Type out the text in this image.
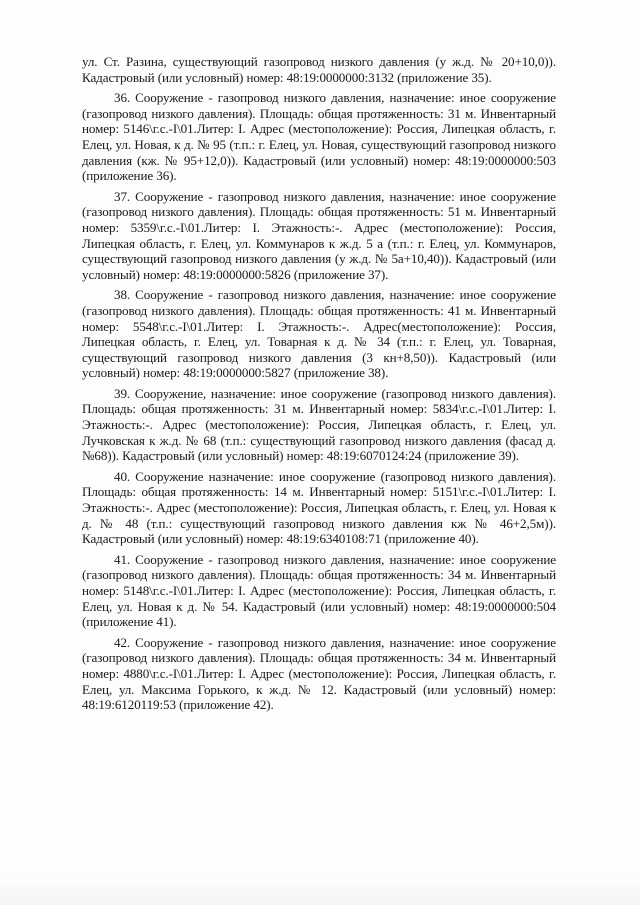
ул. Ст. Разина, существующий газопровод низкого давления (у ж.д. № 20+10,0)). Кадастровый (или условный) номер: 48:19:0000000:3132 (приложение 35).

36. Сооружение - газопровод низкого давления, назначение: иное сооружение (газопровод низкого давления). Площадь: общая протяженность: 31 м. Инвентарный номер: 5146\г.с.-I\01.Литер: I. Адрес (местоположение): Россия, Липецкая область, г. Елец, ул. Новая, к д. № 95 (т.п.: г. Елец, ул. Новая, существующий газопровод низкого давления (кж. № 95+12,0)). Кадастровый (или условный) номер: 48:19:0000000:503 (приложение 36).

37. Сооружение - газопровод низкого давления, назначение: иное сооружение (газопровод низкого давления). Площадь: общая протяженность: 51 м. Инвентарный номер: 5359\г.с.-I\01.Литер: I. Этажность:-. Адрес (местоположение): Россия, Липецкая область, г. Елец, ул. Коммунаров к ж.д. 5 а (т.п.: г. Елец, ул. Коммунаров, существующий газопровод низкого давления (у ж.д. № 5а+10,40)). Кадастровый (или условный) номер: 48:19:0000000:5826 (приложение 37).

38. Сооружение - газопровод низкого давления, назначение: иное сооружение (газопровод низкого давления). Площадь: общая протяженность: 41 м. Инвентарный номер: 5548\г.с.-I\01.Литер: I. Этажность:-. Адрес(местоположение): Россия, Липецкая область, г. Елец, ул. Товарная к д. № 34 (т.п.: г. Елец, ул. Товарная, существующий газопровод низкого давления (3 кн+8,50)). Кадастровый (или условный) номер: 48:19:0000000:5827 (приложение 38).

39. Сооружение, назначение: иное сооружение (газопровод низкого давления). Площадь: общая протяженность: 31 м. Инвентарный номер: 5834\г.с.-I\01.Литер: I. Этажность:-. Адрес (местоположение): Россия, Липецкая область, г. Елец, ул. Лучковская к ж.д. № 68 (т.п.: существующий газопровод низкого давления (фасад д. №68)). Кадастровый (или условный) номер: 48:19:6070124:24 (приложение 39).

40. Сооружение назначение: иное сооружение (газопровод низкого давления). Площадь: общая протяженность: 14 м. Инвентарный номер: 5151\г.с.-I\01.Литер: I. Этажность:-. Адрес (местоположение): Россия, Липецкая область, г. Елец, ул. Новая к д. № 48 (т.п.: существующий газопровод низкого давления кж № 46+2,5м)). Кадастровый (или условный) номер: 48:19:6340108:71 (приложение 40).

41. Сооружение - газопровод низкого давления, назначение: иное сооружение (газопровод низкого давления). Площадь: общая протяженность: 34 м. Инвентарный номер: 5148\г.с.-I\01.Литер: I. Адрес (местоположение): Россия, Липецкая область, г. Елец, ул. Новая к д. № 54. Кадастровый (или условный) номер: 48:19:0000000:504 (приложение 41).

42. Сооружение - газопровод низкого давления, назначение: иное сооружение (газопровод низкого давления). Площадь: общая протяженность: 34 м. Инвентарный номер: 4880\г.с.-I\01.Литер: I. Адрес (местоположение): Россия, Липецкая область, г. Елец, ул. Максима Горького, к ж.д. № 12. Кадастровый (или условный) номер: 48:19:6120119:53 (приложение 42).
